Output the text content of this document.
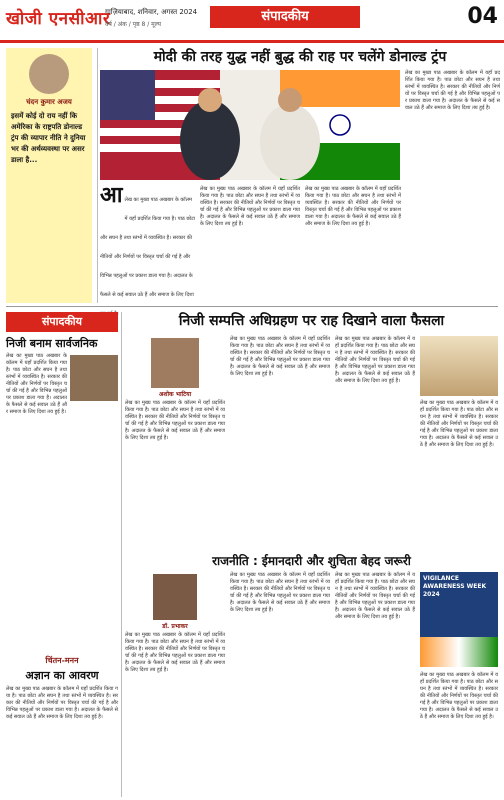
खोजी एनसीआर
गाज़ियाबाद, शनिवार, अगस्त 2024
वर्ष / अंक / पृष्ठ 8 / मूल्य
संपादकीय	04
चंदन कुमार अजय
इसमें कोई दो राय नहीं कि अमेरिका के राष्ट्रपति डोनाल्ड ट्रंप की व्यापार नीति ने दुनिया भर की अर्थव्यवस्था पर असर डाला है...
मोदी की तरह युद्ध नहीं बुद्ध की राह पर चलेंगे डोनाल्ड ट्रंप
लेख का मुख्य पाठ अखबार के कॉलम में यहाँ प्रदर्शित किया गया है। पाठ छोटा और सघन है तथा स्तंभों में व्यवस्थित है। सरकार की नीतियों और निर्णयों पर विस्तृत चर्चा की गई है और विभिन्न पहलुओं पर प्रकाश डाला गया है। अदालत के फैसले से कई सवाल उठे हैं और समाज के लिए दिशा तय हुई है।
आ लेख का मुख्य पाठ अखबार के कॉलम में यहाँ प्रदर्शित किया गया है। पाठ छोटा और सघन है तथा स्तंभों में व्यवस्थित है। सरकार की नीतियों और निर्णयों पर विस्तृत चर्चा की गई है और विभिन्न पहलुओं पर प्रकाश डाला गया है। अदालत के फैसले से कई सवाल उठे हैं और समाज के लिए दिशा
लेख का मुख्य पाठ अखबार के कॉलम में यहाँ प्रदर्शित किया गया है। पाठ छोटा और सघन है तथा स्तंभों में व्यवस्थित है। सरकार की नीतियों और निर्णयों पर विस्तृत चर्चा की गई है और विभिन्न पहलुओं पर प्रकाश डाला गया है। अदालत के फैसले से कई सवाल उठे हैं और समाज के लिए दिशा तय हुई है।
लेख का मुख्य पाठ अखबार के कॉलम में यहाँ प्रदर्शित किया गया है। पाठ छोटा और सघन है तथा स्तंभों में व्यवस्थित है। सरकार की नीतियों और निर्णयों पर विस्तृत चर्चा की गई है और विभिन्न पहलुओं पर प्रकाश डाला गया है। अदालत के फैसले से कई सवाल उठे हैं और समाज के लिए दिशा तय हुई है।
संपादकीय
निजी बनाम सार्वजनिक
लेख का मुख्य पाठ अखबार के कॉलम में यहाँ प्रदर्शित किया गया है। पाठ छोटा और सघन है तथा स्तंभों में व्यवस्थित है। सरकार की नीतियों और निर्णयों पर विस्तृत चर्चा की गई है और विभिन्न पहलुओं पर प्रकाश डाला गया है। अदालत के फैसले से कई सवाल उठे हैं और समाज के लिए दिशा तय हुई है।
निजी सम्पत्ति अधिग्रहण पर राह दिखाने वाला फैसला
अशोक भाटिया
लेख का मुख्य पाठ अखबार के कॉलम में यहाँ प्रदर्शित किया गया है। पाठ छोटा और सघन है तथा स्तंभों में व्यवस्थित है। सरकार की नीतियों और निर्णयों पर विस्तृत चर्चा की गई है और विभिन्न पहलुओं पर प्रकाश डाला गया है। अदालत के फैसले से कई सवाल उठे हैं और समाज के लिए दिशा तय हुई है।
लेख का मुख्य पाठ अखबार के कॉलम में यहाँ प्रदर्शित किया गया है। पाठ छोटा और सघन है तथा स्तंभों में व्यवस्थित है। सरकार की नीतियों और निर्णयों पर विस्तृत चर्चा की गई है और विभिन्न पहलुओं पर प्रकाश डाला गया है। अदालत के फैसले से कई सवाल उठे हैं और समाज के लिए दिशा तय हुई है।
लेख का मुख्य पाठ अखबार के कॉलम में यहाँ प्रदर्शित किया गया है। पाठ छोटा और सघन है तथा स्तंभों में व्यवस्थित है। सरकार की नीतियों और निर्णयों पर विस्तृत चर्चा की गई है और विभिन्न पहलुओं पर प्रकाश डाला गया है। अदालत के फैसले से कई सवाल उठे हैं और समाज के लिए दिशा तय हुई है।
लेख का मुख्य पाठ अखबार के कॉलम में यहाँ प्रदर्शित किया गया है। पाठ छोटा और सघन है तथा स्तंभों में व्यवस्थित है। सरकार की नीतियों और निर्णयों पर विस्तृत चर्चा की गई है और विभिन्न पहलुओं पर प्रकाश डाला गया है। अदालत के फैसले से कई सवाल उठे हैं और समाज के लिए दिशा तय हुई है।
राजनीति : ईमानदारी और शुचिता बेहद जरूरी
चिंतन-मनन
अज्ञान का आवरण
लेख का मुख्य पाठ अखबार के कॉलम में यहाँ प्रदर्शित किया गया है। पाठ छोटा और सघन है तथा स्तंभों में व्यवस्थित है। सरकार की नीतियों और निर्णयों पर विस्तृत चर्चा की गई है और विभिन्न पहलुओं पर प्रकाश डाला गया है। अदालत के फैसले से कई सवाल उठे हैं और समाज के लिए दिशा तय हुई है।
डॉ. प्रभाकर
लेख का मुख्य पाठ अखबार के कॉलम में यहाँ प्रदर्शित किया गया है। पाठ छोटा और सघन है तथा स्तंभों में व्यवस्थित है। सरकार की नीतियों और निर्णयों पर विस्तृत चर्चा की गई है और विभिन्न पहलुओं पर प्रकाश डाला गया है। अदालत के फैसले से कई सवाल उठे हैं और समाज के लिए दिशा तय हुई है।
लेख का मुख्य पाठ अखबार के कॉलम में यहाँ प्रदर्शित किया गया है। पाठ छोटा और सघन है तथा स्तंभों में व्यवस्थित है। सरकार की नीतियों और निर्णयों पर विस्तृत चर्चा की गई है और विभिन्न पहलुओं पर प्रकाश डाला गया है। अदालत के फैसले से कई सवाल उठे हैं और समाज के लिए दिशा तय हुई है।
लेख का मुख्य पाठ अखबार के कॉलम में यहाँ प्रदर्शित किया गया है। पाठ छोटा और सघन है तथा स्तंभों में व्यवस्थित है। सरकार की नीतियों और निर्णयों पर विस्तृत चर्चा की गई है और विभिन्न पहलुओं पर प्रकाश डाला गया है। अदालत के फैसले से कई सवाल उठे हैं और समाज के लिए दिशा तय हुई है।
VIGILANCE AWARENESS WEEK 2024
लेख का मुख्य पाठ अखबार के कॉलम में यहाँ प्रदर्शित किया गया है। पाठ छोटा और सघन है तथा स्तंभों में व्यवस्थित है। सरकार की नीतियों और निर्णयों पर विस्तृत चर्चा की गई है और विभिन्न पहलुओं पर प्रकाश डाला गया है। अदालत के फैसले से कई सवाल उठे हैं और समाज के लिए दिशा तय हुई है।
